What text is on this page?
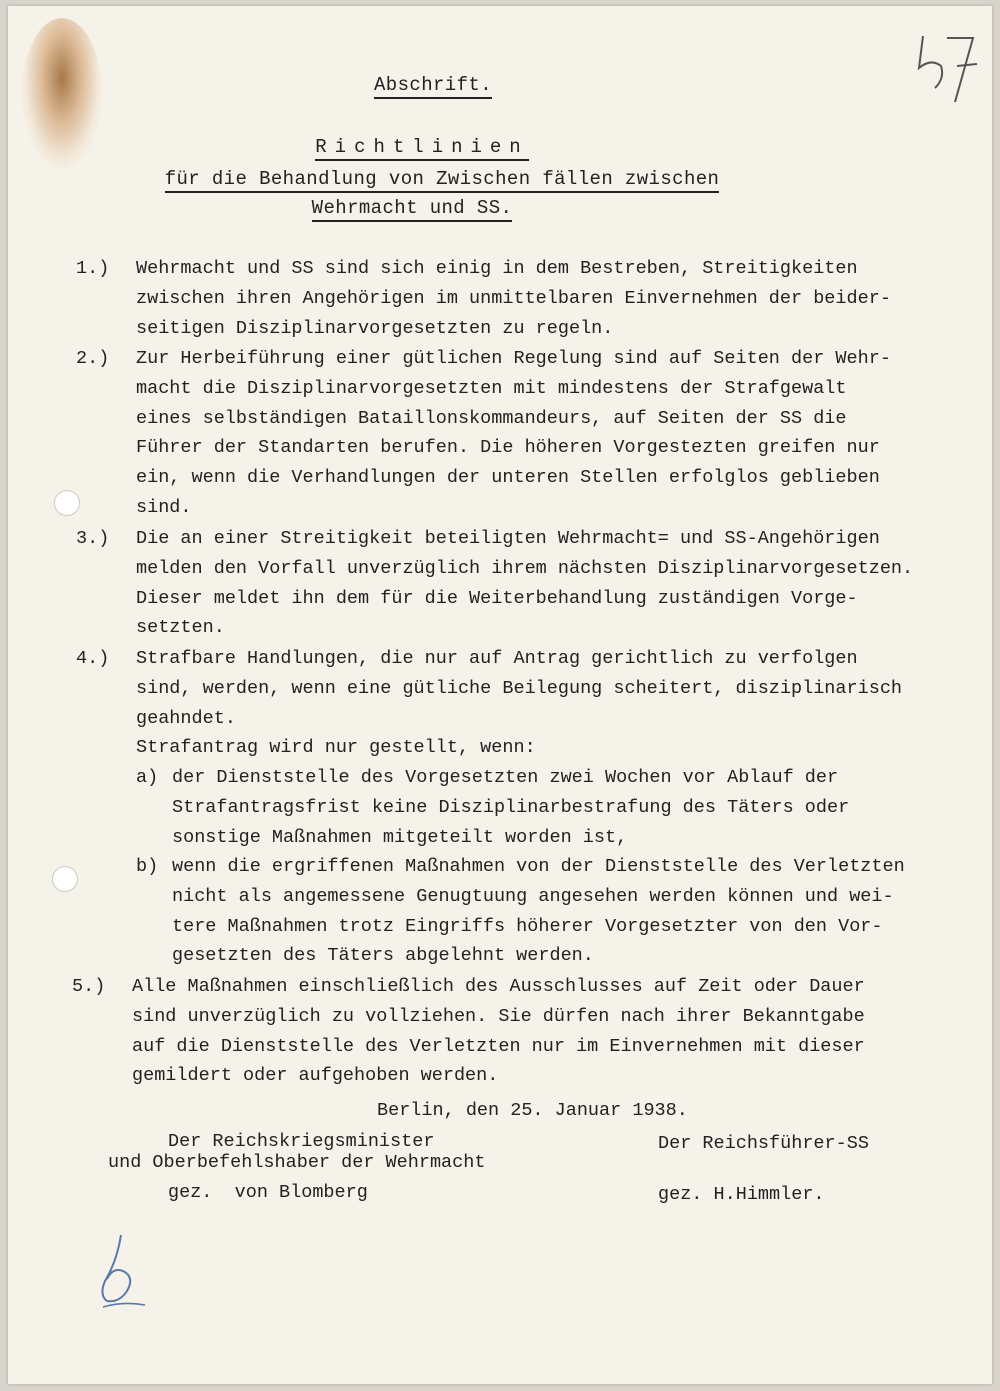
Abschrift.
Richtlinien
für die Behandlung von Zwischen fällen zwischen
Wehrmacht und SS.
1.)	Wehrmacht und SS sind sich einig in dem Bestreben, Streitigkeiten
zwischen ihren Angehörigen im unmittelbaren Einvernehmen der beider-
seitigen Disziplinarvorgesetzten zu regeln.
2.)	Zur Herbeiführung einer gütlichen Regelung sind auf Seiten der Wehr-
macht die Disziplinarvorgesetzten mit mindestens der Strafgewalt
eines selbständigen Bataillonskommandeurs, auf Seiten der SS die
Führer der Standarten berufen. Die höheren Vorgestezten greifen nur
ein, wenn die Verhandlungen der unteren Stellen erfolglos geblieben
sind.
3.)	Die an einer Streitigkeit beteiligten Wehrmacht= und SS-Angehörigen
melden den Vorfall unverzüglich ihrem nächsten Disziplinarvorgesetzen.
Dieser meldet ihn dem für die Weiterbehandlung zuständigen Vorge-
setzten.
4.)	Strafbare Handlungen, die nur auf Antrag gerichtlich zu verfolgen
sind, werden, wenn eine gütliche Beilegung scheitert, disziplinarisch
geahndet.
Strafantrag wird nur gestellt, wenn:
a) der Dienststelle des Vorgesetzten zwei Wochen vor Ablauf der
Strafantragsfrist keine Disziplinarbestrafung des Täters oder
sonstige Maßnahmen mitgeteilt worden ist,
b) wenn die ergriffenen Maßnahmen von der Dienststelle des Verletzten
nicht als angemessene Genugtuung angesehen werden können und wei-
tere Maßnahmen trotz Eingriffs höherer Vorgesetzter von den Vor-
gesetzten des Täters abgelehnt werden.
5.)	Alle Maßnahmen einschließlich des Ausschlusses auf Zeit oder Dauer
sind unverzüglich zu vollziehen. Sie dürfen nach ihrer Bekanntgabe
auf die Dienststelle des Verletzten nur im Einvernehmen mit dieser
gemildert oder aufgehoben werden.
Berlin, den 25. Januar 1938.
Der Reichskriegsminister
und Oberbefehlshaber der Wehrmacht
gez.  von Blomberg
Der Reichsführer-SS
gez. H.Himmler.
